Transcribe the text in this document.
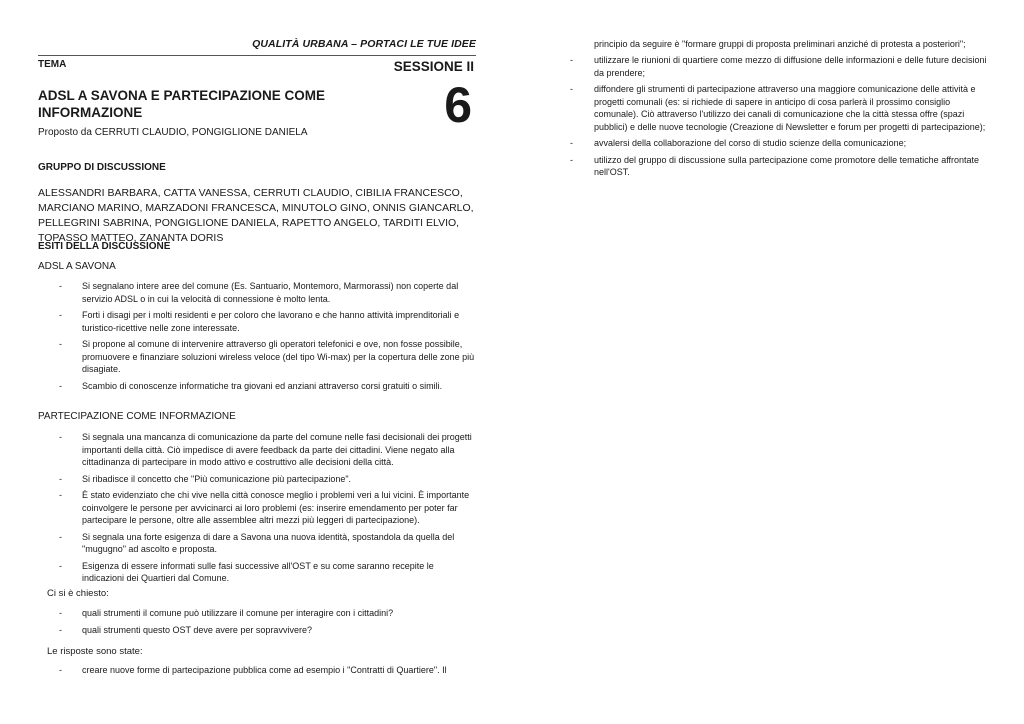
QUALITÀ URBANA – PORTACI LE TUE IDEE
TEMA	SESSIONE II
6
ADSL A SAVONA E PARTECIPAZIONE COME INFORMAZIONE
Proposto da CERRUTI CLAUDIO, PONGIGLIONE DANIELA
GRUPPO DI DISCUSSIONE
ALESSANDRI BARBARA, CATTA VANESSA, CERRUTI CLAUDIO, CIBILIA FRANCESCO, MARCIANO MARINO, MARZADONI FRANCESCA, MINUTOLO GINO, ONNIS GIANCARLO, PELLEGRINI SABRINA, PONGIGLIONE DANIELA, RAPETTO ANGELO, TARDITI ELVIO, TOPASSO MATTEO, ZANANTA DORIS
ESITI DELLA DISCUSSIONE
ADSL A SAVONA
- Si segnalano intere aree del comune (Es. Santuario, Montemoro, Marmorassi) non coperte dal servizio ADSL o in cui la velocità di connessione è molto lenta.
- Forti i disagi per i molti residenti e per coloro che lavorano e che hanno attività imprenditoriali e turistico-ricettive nelle zone interessate.
- Si propone al comune di intervenire attraverso gli operatori telefonici e ove, non fosse possibile, promuovere e finanziare soluzioni wireless veloce (del tipo Wi-max) per la copertura delle zone più disagiate.
- Scambio di conoscenze informatiche tra giovani ed anziani attraverso corsi gratuiti o simili.
PARTECIPAZIONE COME INFORMAZIONE
- Si segnala una mancanza di comunicazione da parte del comune nelle fasi decisionali dei progetti importanti della città. Ciò impedisce di avere feedback da parte dei cittadini. Viene negato alla cittadinanza di partecipare in modo attivo e costruttivo alle decisioni della città.
- Si ribadisce il concetto che "Più comunicazione più partecipazione".
- È stato evidenziato che chi vive nella città conosce meglio i problemi veri a lui vicini. È importante coinvolgere le persone per avvicinarci ai loro problemi (es: inserire emendamento per poter far partecipare le persone, oltre alle assemblee altri mezzi più leggeri di partecipazione).
- Si segnala una forte esigenza di dare a Savona una nuova identità, spostandola da quella del "mugugno" ad ascolto e proposta.
- Esigenza di essere informati sulle fasi successive all'OST e su come saranno recepite le indicazioni dei Quartieri dal Comune.
Ci si è chiesto:
- quali strumenti il comune può utilizzare il comune per interagire con i cittadini?
- quali strumenti questo OST deve avere per sopravvivere?
Le risposte sono state:
- creare nuove forme di partecipazione pubblica come ad esempio i "Contratti di Quartiere". Il
principio da seguire è "formare gruppi di proposta preliminari anziché di protesta a posteriori";
- utilizzare le riunioni di quartiere come mezzo di diffusione delle informazioni e delle future decisioni da prendere;
- diffondere gli strumenti di partecipazione attraverso una maggiore comunicazione delle attività e progetti comunali (es: si richiede di sapere in anticipo di cosa parlerà il prossimo consiglio comunale). Ciò attraverso l'utilizzo dei canali di comunicazione che la città stessa offre (spazi pubblici) e delle nuove tecnologie (Creazione di Newsletter e forum per progetti di partecipazione);
- avvalersi della collaborazione del corso di studio scienze della comunicazione;
- utilizzo del gruppo di discussione sulla partecipazione come promotore delle tematiche affrontate nell'OST.
